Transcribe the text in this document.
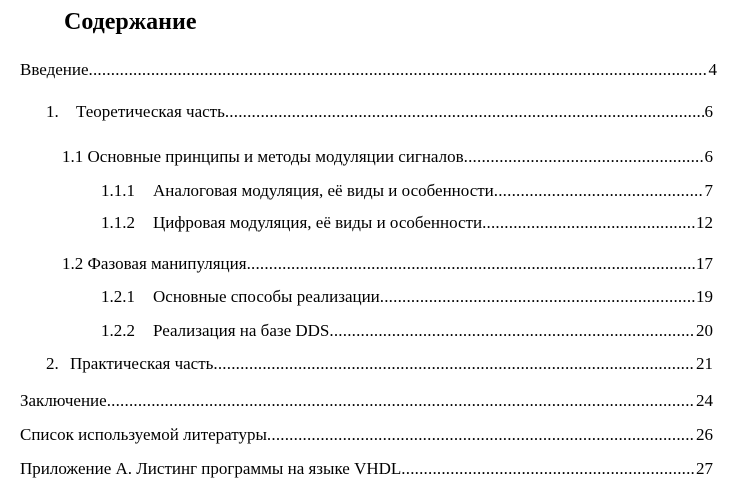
Содержание
Введение .....	4
1.	Теоретическая часть .....	6
1.1 Основные принципы и методы модуляции сигналов .....	6
1.1.1	Аналоговая модуляция, её виды и особенности .....	7
1.1.2	Цифровая модуляция, её виды и особенности .....	12
1.2 Фазовая манипуляция .....	17
1.2.1	Основные способы реализации .....	19
1.2.2	Реализация на базе DDS .....	20
2. Практическая часть .....	21
Заключение .....	24
Список используемой литературы .....	26
Приложение А. Листинг программы на языке VHDL .....	27
